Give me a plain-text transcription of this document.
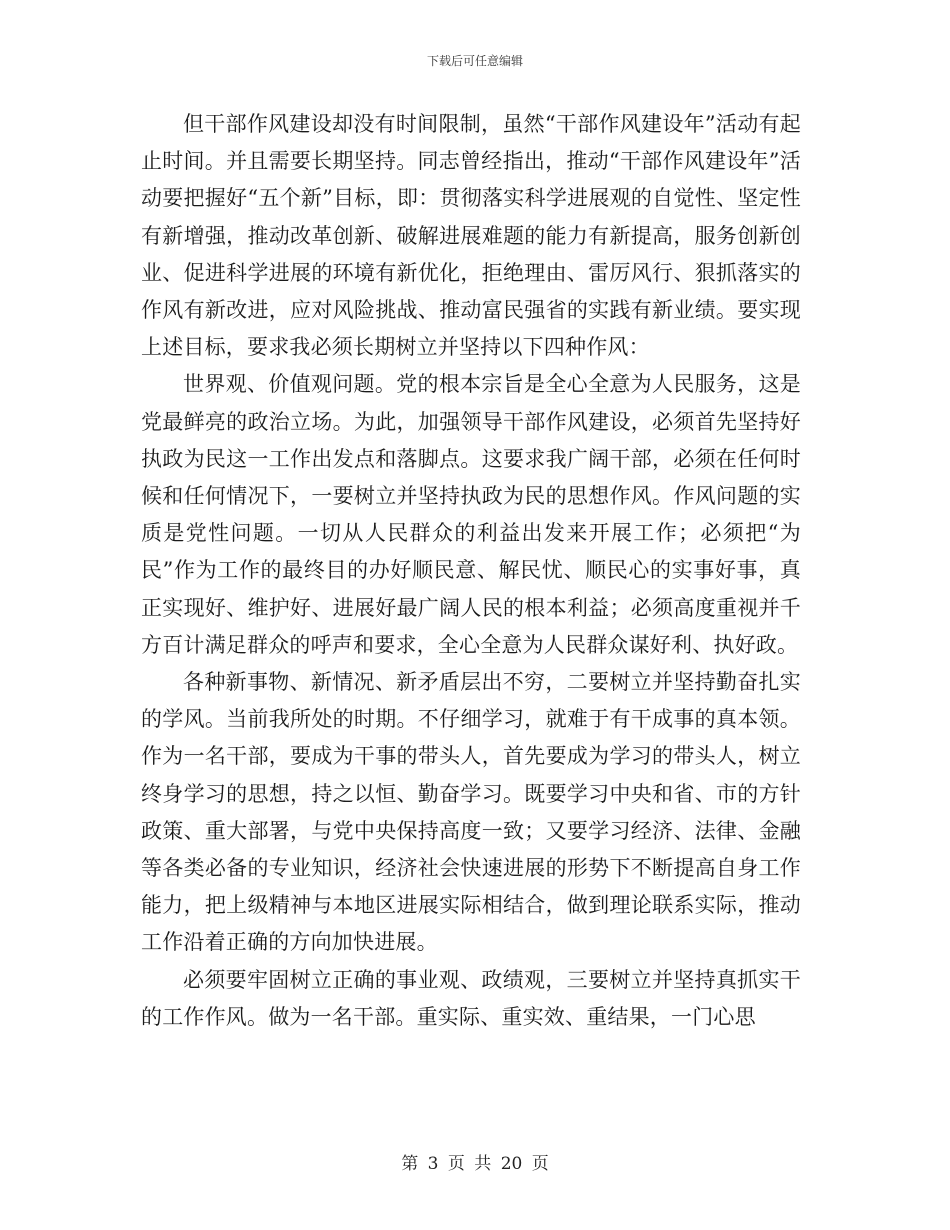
下载后可任意编辑

但干部作风建设却没有时间限制，虽然“干部作风建设年”活动有起止时间。并且需要长期坚持。同志曾经指出，推动“干部作风建设年”活动要把握好“五个新”目标，即：贯彻落实科学进展观的自觉性、坚定性有新增强，推动改革创新、破解进展难题的能力有新提高，服务创新创业、促进科学进展的环境有新优化，拒绝理由、雷厉风行、狠抓落实的作风有新改进，应对风险挑战、推动富民强省的实践有新业绩。要实现上述目标，要求我必须长期树立并坚持以下四种作风：

世界观、价值观问题。党的根本宗旨是全心全意为人民服务，这是党最鲜亮的政治立场。为此，加强领导干部作风建设，必须首先坚持好执政为民这一工作出发点和落脚点。这要求我广阔干部，必须在任何时候和任何情况下，一要树立并坚持执政为民的思想作风。作风问题的实质是党性问题。一切从人民群众的利益出发来开展工作；必须把“为民”作为工作的最终目的办好顺民意、解民忧、顺民心的实事好事，真正实现好、维护好、进展好最广阔人民的根本利益；必须高度重视并千方百计满足群众的呼声和要求，全心全意为人民群众谋好利、执好政。

各种新事物、新情况、新矛盾层出不穷，二要树立并坚持勤奋扎实的学风。当前我所处的时期。不仔细学习，就难于有干成事的真本领。作为一名干部，要成为干事的带头人，首先要成为学习的带头人，树立终身学习的思想，持之以恒、勤奋学习。既要学习中央和省、市的方针政策、重大部署，与党中央保持高度一致；又要学习经济、法律、金融等各类必备的专业知识，经济社会快速进展的形势下不断提高自身工作能力，把上级精神与本地区进展实际相结合，做到理论联系实际，推动工作沿着正确的方向加快进展。

必须要牢固树立正确的事业观、政绩观，三要树立并坚持真抓实干的工作作风。做为一名干部。重实际、重实效、重结果，一门心思

第 3 页 共 20 页
